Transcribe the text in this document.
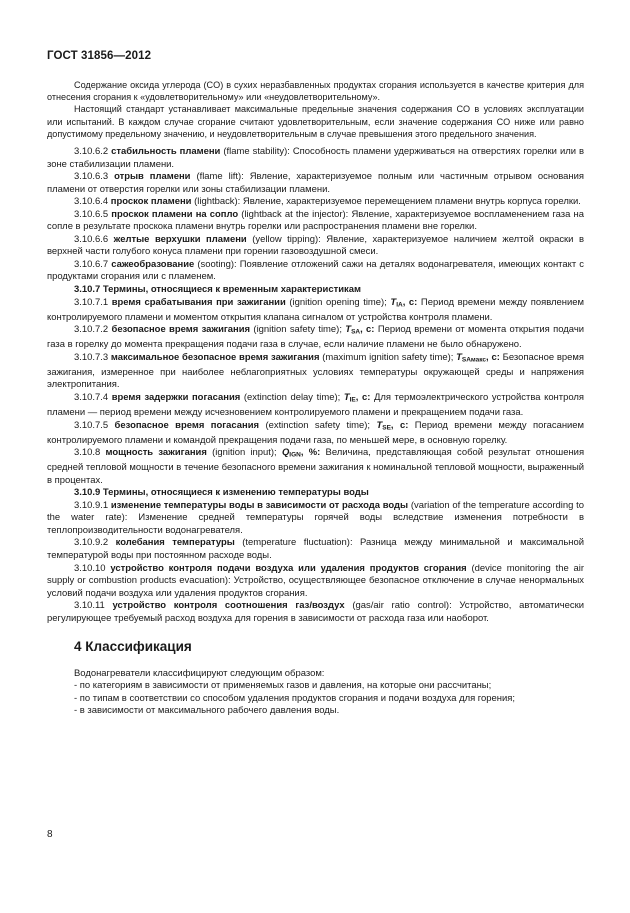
ГОСТ 31856—2012

Содержание оксида углерода (CO) в сухих неразбавленных продуктах сгорания используется в качестве критерия для отнесения сгорания к «удовлетворительному» или «неудовлетворительному».

Настоящий стандарт устанавливает максимальные предельные значения содержания CO в условиях эксплуатации или испытаний. В каждом случае сгорание считают удовлетворительным, если значение содержания CO ниже или равно допустимому предельному значению, и неудовлетворительным в случае превышения этого предельного значения.

3.10.6.2 стабильность пламени (flame stability): Способность пламени удерживаться на отверстиях горелки или в зоне стабилизации пламени.

3.10.6.3 отрыв пламени (flame lift): Явление, характеризуемое полным или частичным отрывом основания пламени от отверстия горелки или зоны стабилизации пламени.

3.10.6.4 проскок пламени (lightback): Явление, характеризуемое перемещением пламени внутрь корпуса горелки.

3.10.6.5 проскок пламени на сопло (lightback at the injector): Явление, характеризуемое воспламенением газа на сопле в результате проскока пламени внутрь горелки или распространения пламени вне горелки.

3.10.6.6 желтые верхушки пламени (yellow tipping): Явление, характеризуемое наличием желтой окраски в верхней части голубого конуса пламени при горении газовоздушной смеси.

3.10.6.7 сажеобразование (sooting): Появление отложений сажи на деталях водонагревателя, имеющих контакт с продуктами сгорания или с пламенем.

3.10.7 Термины, относящиеся к временным характеристикам

3.10.7.1 время срабатывания при зажигании (ignition opening time); $T_{IA}$, c: Период времени между появлением контролируемого пламени и моментом открытия клапана сигналом от устройства контроля пламени.

3.10.7.2 безопасное время зажигания (ignition safety time); $T_{SA}$, c: Период времени от момента открытия подачи газа в горелку до момента прекращения подачи газа в случае, если наличие пламени не было обнаружено.

3.10.7.3 максимальное безопасное время зажигания (maximum ignition safety time); $T_{SAмакс}$, c: Безопасное время зажигания, измеренное при наиболее неблагоприятных условиях температуры окружающей среды и напряжения электропитания.

3.10.7.4 время задержки погасания (extinction delay time); $T_{IE}$, c: Для термоэлектрического устройства контроля пламени — период времени между исчезновением контролируемого пламени и прекращением подачи газа.

3.10.7.5 безопасное время погасания (extinction safety time); $T_{SE}$, c: Период времени между погасанием контролируемого пламени и командой прекращения подачи газа, по меньшей мере, в основную горелку.

3.10.8 мощность зажигания (ignition input); $Q_{IGN}$, %: Величина, представляющая собой результат отношения средней тепловой мощности в течение безопасного времени зажигания к номинальной тепловой мощности, выраженный в процентах.

3.10.9 Термины, относящиеся к изменению температуры воды

3.10.9.1 изменение температуры воды в зависимости от расхода воды (variation of the temperature according to the water rate): Изменение средней температуры горячей воды вследствие изменения потребности в теплопроизводительности водонагревателя.

3.10.9.2 колебания температуры (temperature fluctuation): Разница между минимальной и максимальной температурой воды при постоянном расходе воды.

3.10.10 устройство контроля подачи воздуха или удаления продуктов сгорания (device monitoring the air supply or combustion products evacuation): Устройство, осуществляющее безопасное отключение в случае ненормальных условий подачи воздуха или удаления продуктов сгорания.

3.10.11 устройство контроля соотношения газ/воздух (gas/air ratio control): Устройство, автоматически регулирующее требуемый расход воздуха для горения в зависимости от расхода газа или наоборот.

4 Классификация

Водонагреватели классифицируют следующим образом:

- по категориям в зависимости от применяемых газов и давления, на которые они рассчитаны;

- по типам в соответствии со способом удаления продуктов сгорания и подачи воздуха для горения;

- в зависимости от максимального рабочего давления воды.

8
